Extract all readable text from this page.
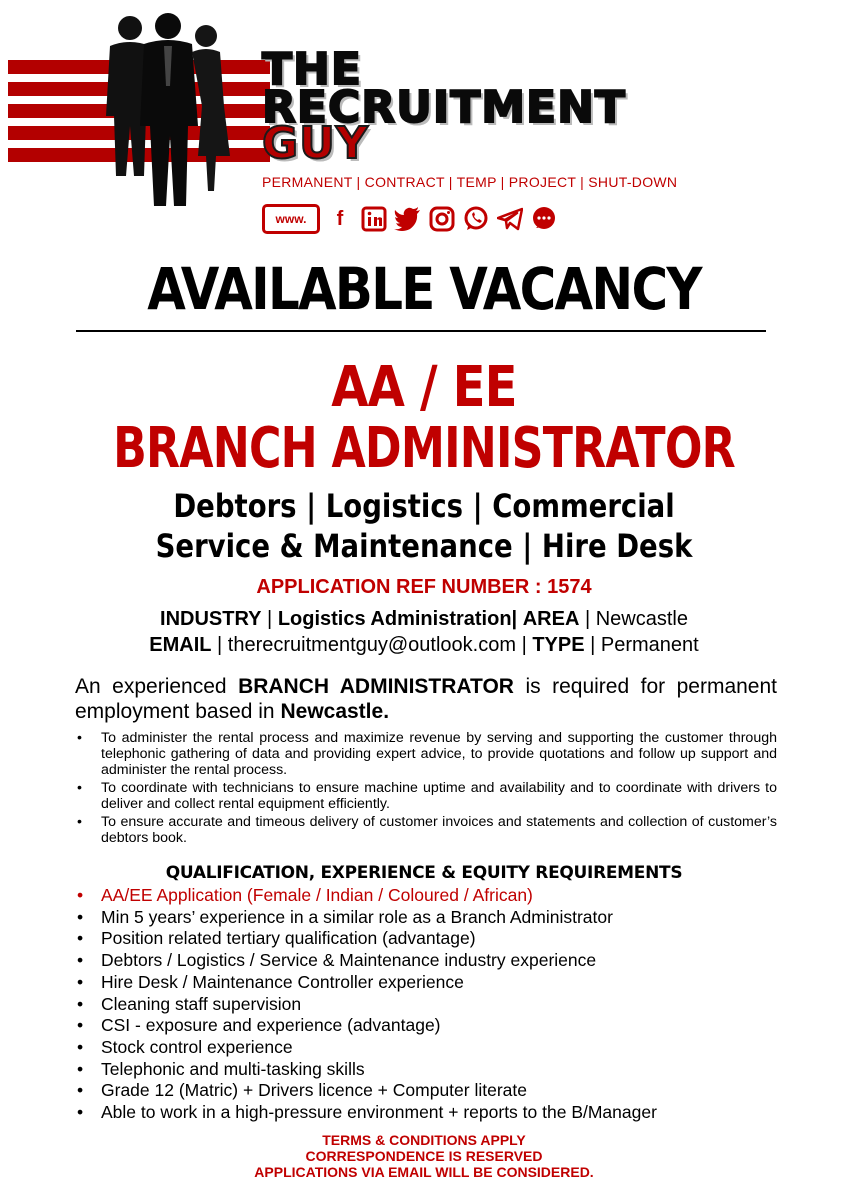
THE
RECRUITMENT
GUY
PERMANENT | CONTRACT | TEMP | PROJECT | SHUT-DOWN
www.	f
AVAILABLE VACANCY
AA / EE
BRANCH ADMINISTRATOR
Debtors | Logistics | Commercial
Service & Maintenance | Hire Desk
APPLICATION REF NUMBER : 1574
INDUSTRY | Logistics Administration| AREA | Newcastle
EMAIL | therecruitmentguy@outlook.com | TYPE | Permanent
An experienced BRANCH ADMINISTRATOR is required for permanent employment based in Newcastle.
• To administer the rental process and maximize revenue by serving and supporting the customer through telephonic gathering of data and providing expert advice, to provide quotations and follow up support and administer the rental process.
• To coordinate with technicians to ensure machine uptime and availability and to coordinate with drivers to deliver and collect rental equipment efficiently.
• To ensure accurate and timeous delivery of customer invoices and statements and collection of customer’s debtors book.
QUALIFICATION, EXPERIENCE & EQUITY REQUIREMENTS
• AA/EE Application (Female / Indian / Coloured / African)
• Min 5 years’ experience in a similar role as a Branch Administrator
• Position related tertiary qualification (advantage)
• Debtors / Logistics / Service & Maintenance industry experience
• Hire Desk / Maintenance Controller experience
• Cleaning staff supervision
• CSI - exposure and experience (advantage)
• Stock control experience
• Telephonic and multi-tasking skills
• Grade 12 (Matric) + Drivers licence + Computer literate
• Able to work in a high-pressure environment + reports to the B/Manager
TERMS & CONDITIONS APPLY
CORRESPONDENCE IS RESERVED
APPLICATIONS VIA EMAIL WILL BE CONSIDERED.
